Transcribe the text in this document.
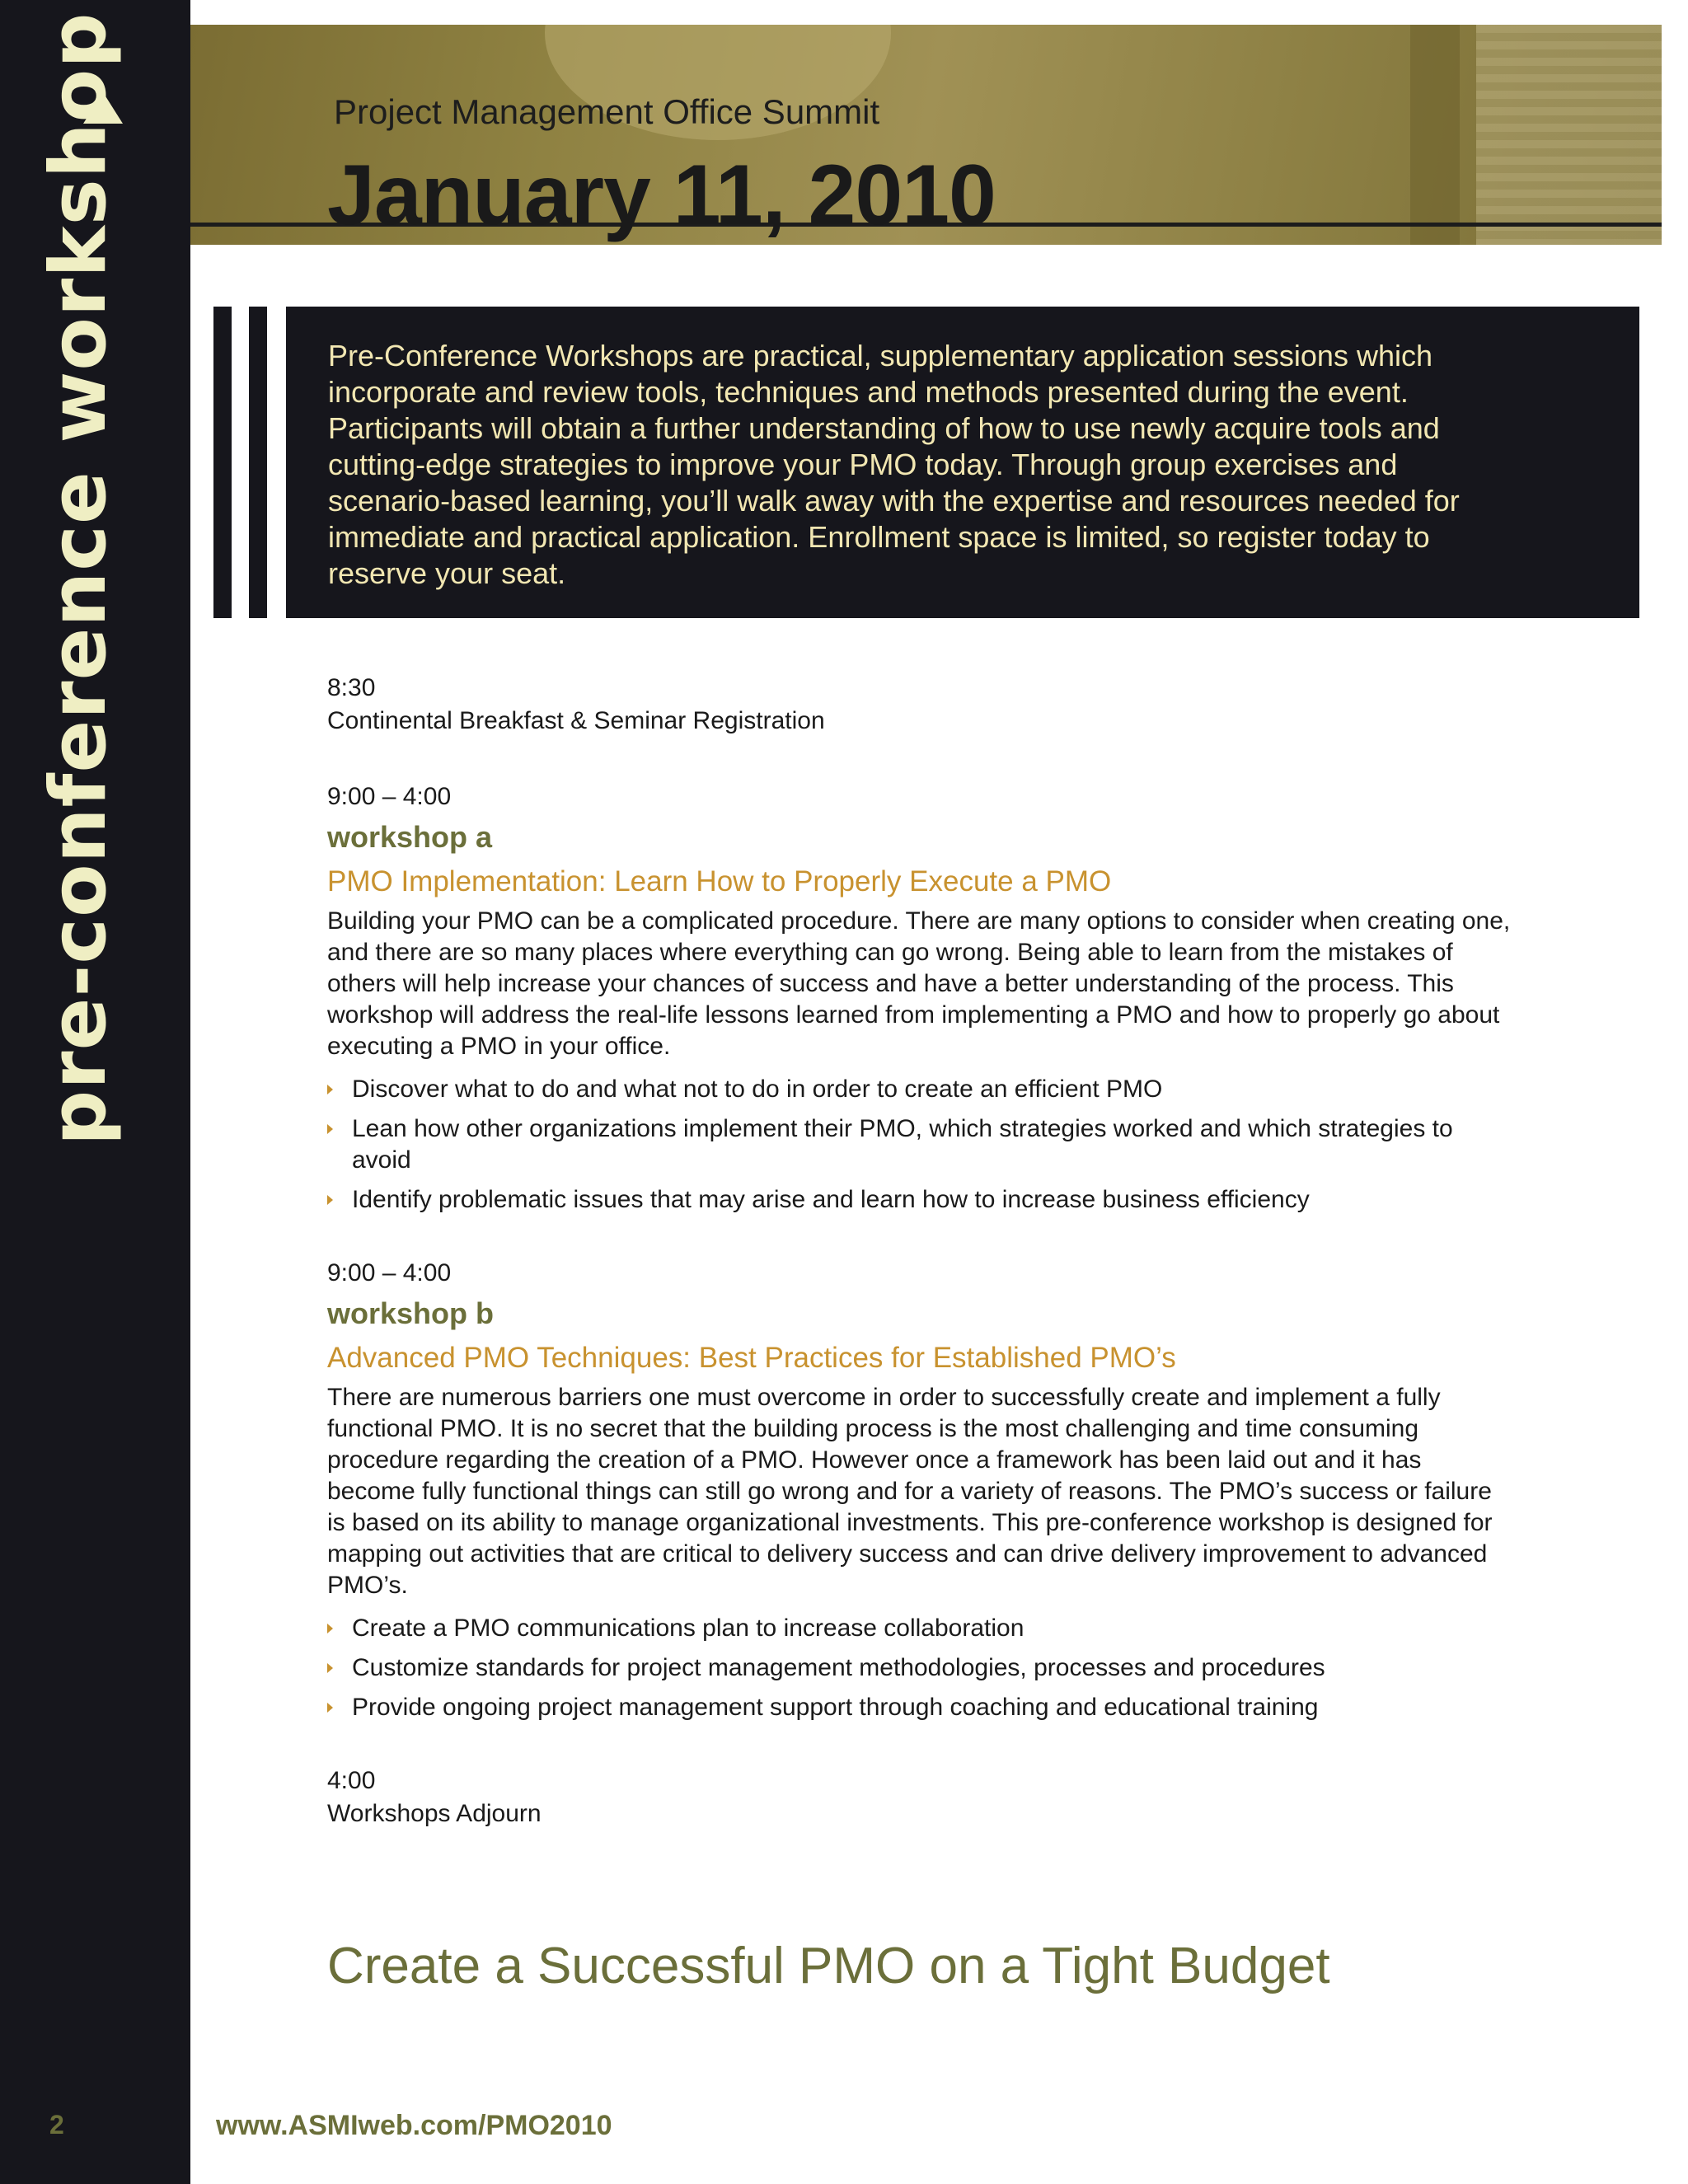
pre-conference workshop
2
Project Management Office Summit
January 11, 2010
Pre-Conference Workshops are practical, supplementary application sessions which incorporate and review tools, techniques and methods presented during the event. Participants will obtain a further understanding of how to use newly acquire tools and cutting-edge strategies to improve your PMO today. Through group exercises and scenario-based learning, you’ll walk away with the expertise and resources needed for immediate and practical application. Enrollment space is limited, so register today to reserve your seat.
8:30
Continental Breakfast & Seminar Registration
9:00 – 4:00
workshop a
PMO Implementation: Learn How to Properly Execute a PMO
Building your PMO can be a complicated procedure. There are many options to consider when creating one, and there are so many places where everything can go wrong. Being able to learn from the mistakes of others will help increase your chances of success and have a better understanding of the process. This workshop will address the real-life lessons learned from implementing a PMO and how to properly go about executing a PMO in your office.
Discover what to do and what not to do in order to create an efficient PMO
Lean how other organizations implement their PMO, which strategies worked and which strategies to avoid
Identify problematic issues that may arise and learn how to increase business efficiency
9:00 – 4:00
workshop b
Advanced PMO Techniques: Best Practices for Established PMO’s
There are numerous barriers one must overcome in order to successfully create and implement a fully functional PMO. It is no secret that the building process is the most challenging and time consuming procedure regarding the creation of a PMO. However once a framework has been laid out and it has become fully functional things can still go wrong and for a variety of reasons. The PMO’s success or failure is based on its ability to manage organizational investments. This pre-conference workshop is designed for mapping out activities that are critical to delivery success and can drive delivery improvement to advanced PMO’s.
Create a PMO communications plan to increase collaboration
Customize standards for project management methodologies, processes and procedures
Provide ongoing project management support through coaching and educational training
4:00
Workshops Adjourn
Create a Successful PMO on a Tight Budget
www.ASMIweb.com/PMO2010
